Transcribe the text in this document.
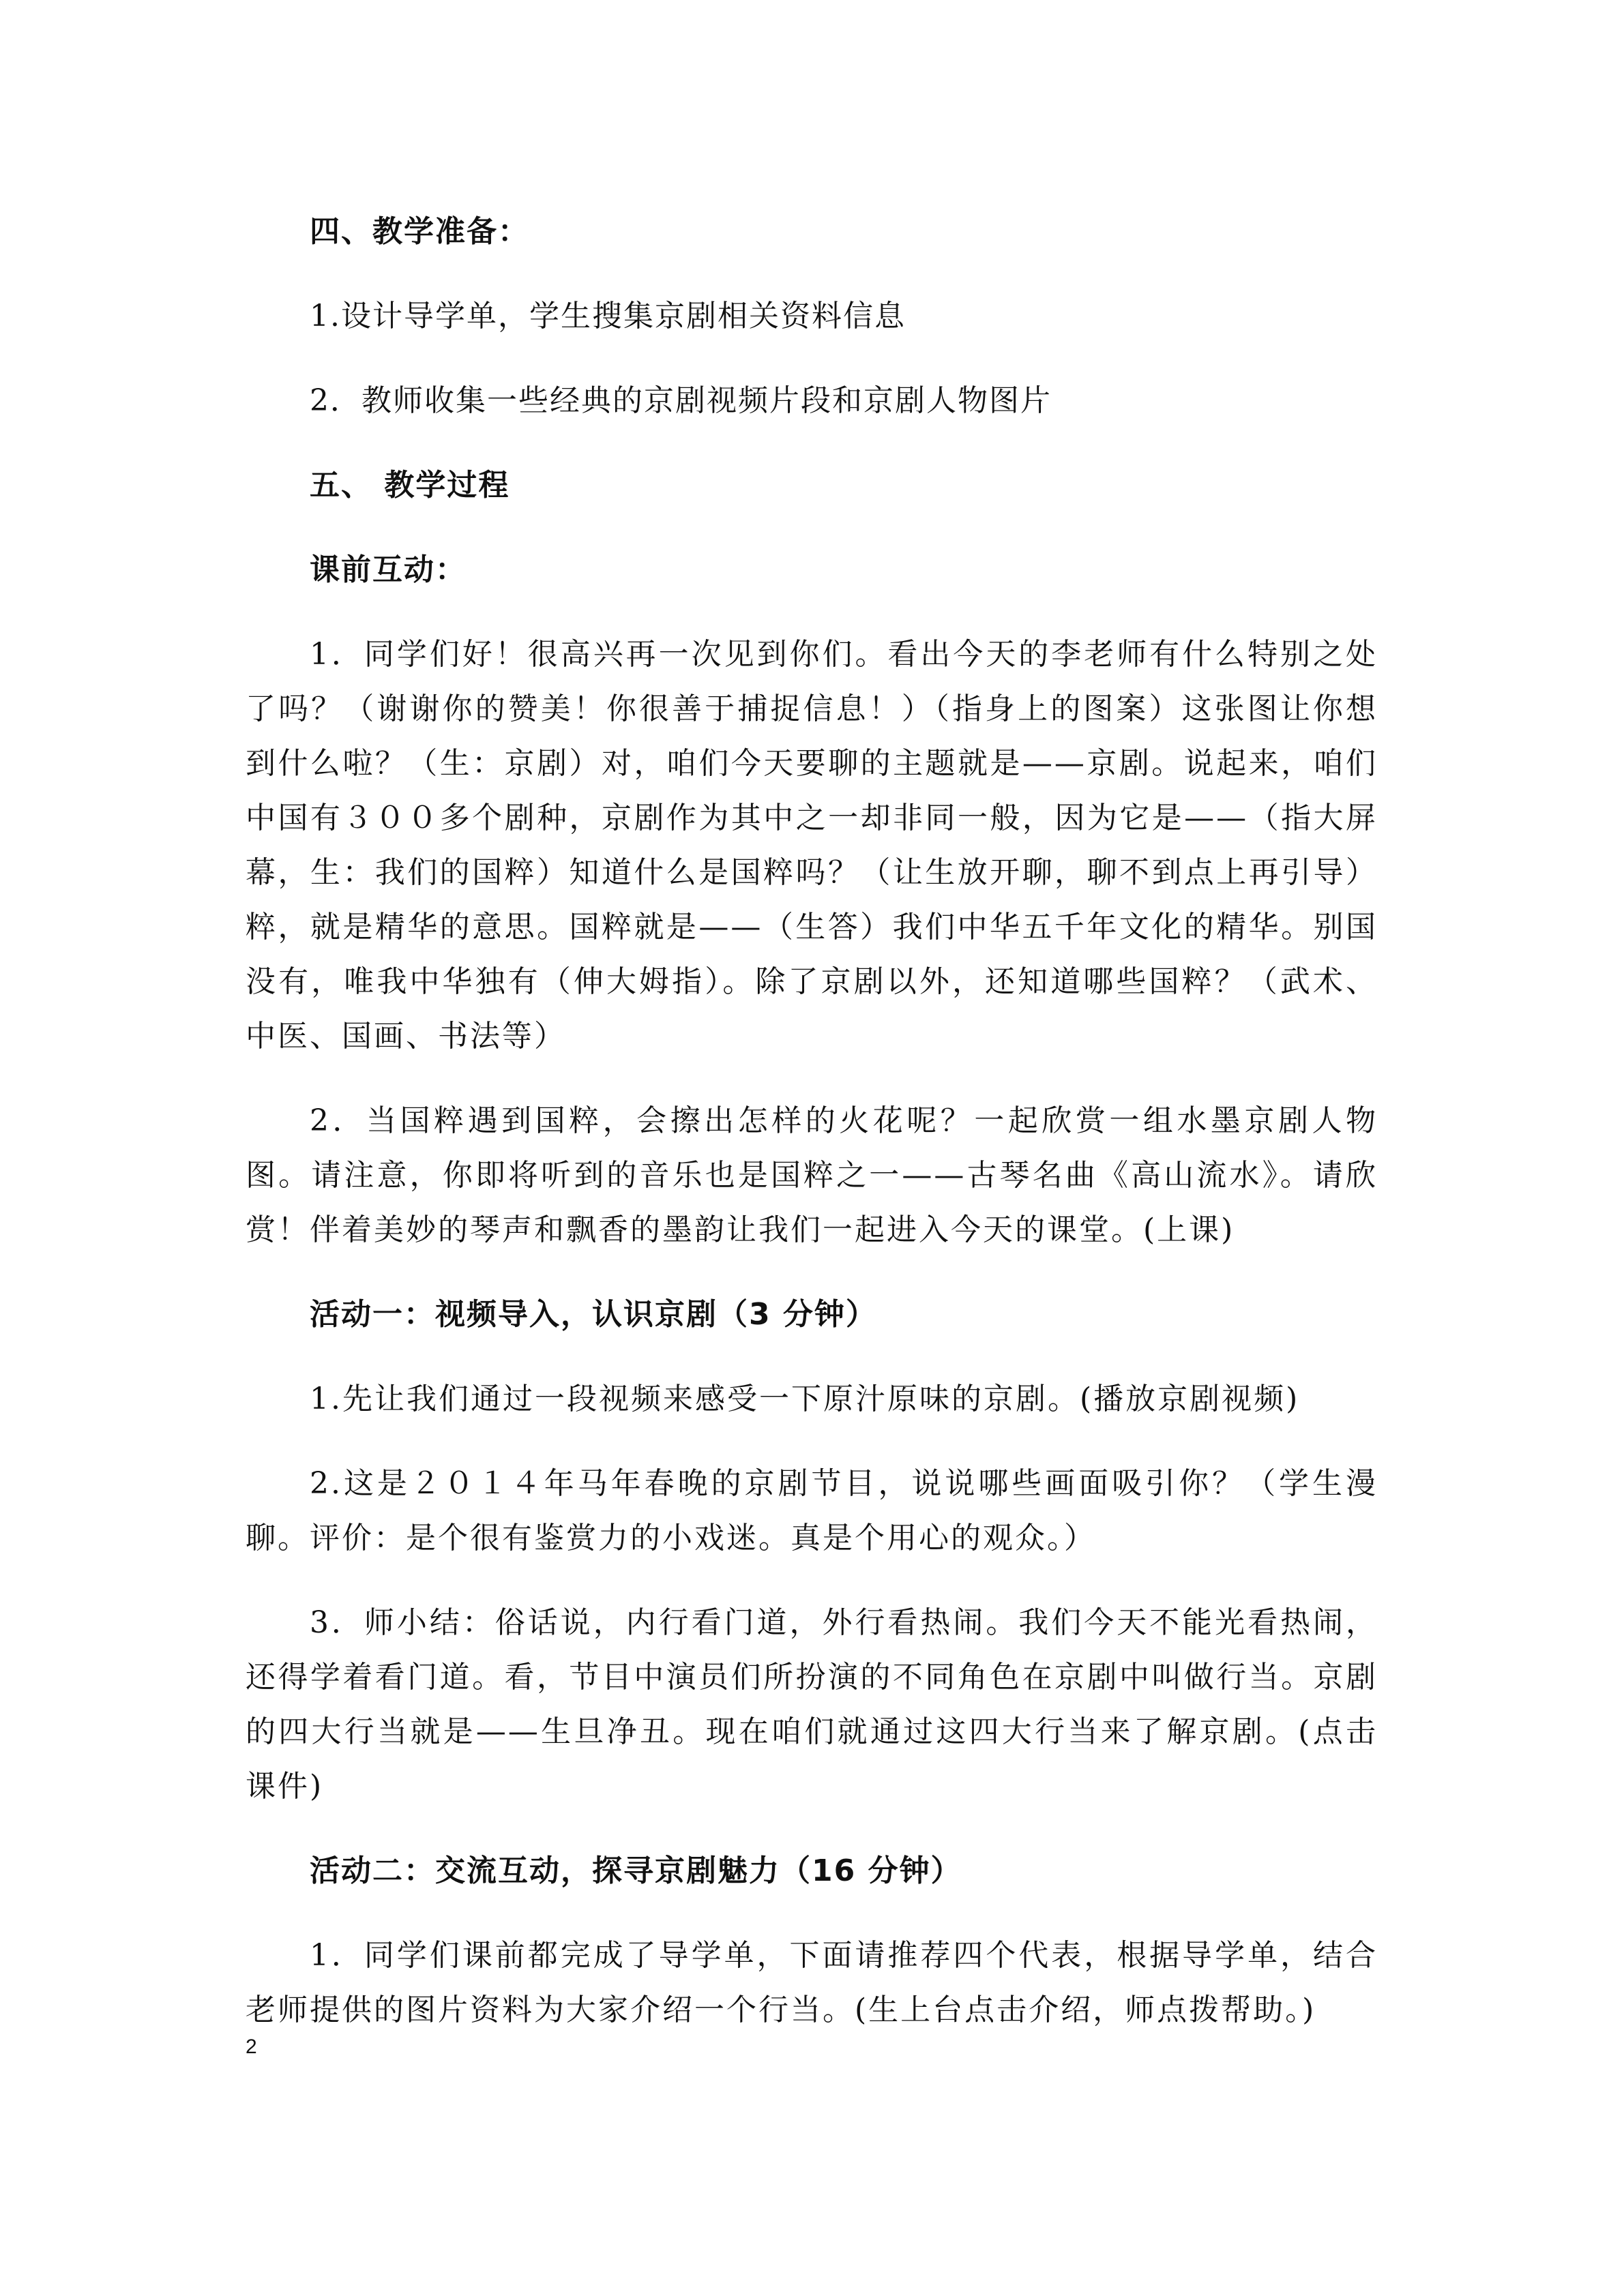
四、教学准备：
1.设计导学单，学生搜集京剧相关资料信息
2．教师收集一些经典的京剧视频片段和京剧人物图片
五、 教学过程
课前互动：

1．同学们好！很高兴再一次见到你们。看出今天的李老师有什么特别之处了吗？（谢谢你的赞美！你很善于捕捉信息！）（指身上的图案）这张图让你想到什么啦？（生：京剧）对，咱们今天要聊的主题就是——京剧。说起来，咱们中国有３００多个剧种，京剧作为其中之一却非同一般，因为它是——（指大屏幕，生：我们的国粹）知道什么是国粹吗？（让生放开聊，聊不到点上再引导）粹，就是精华的意思。国粹就是——（生答）我们中华五千年文化的精华。别国没有，唯我中华独有（伸大姆指）。除了京剧以外，还知道哪些国粹？（武术、中医、国画、书法等）

2．当国粹遇到国粹，会擦出怎样的火花呢？一起欣赏一组水墨京剧人物图。请注意，你即将听到的音乐也是国粹之一——古琴名曲《高山流水》。请欣赏！伴着美妙的琴声和飘香的墨韵让我们一起进入今天的课堂。(上课)

活动一：视频导入，认识京剧（3 分钟）

1.先让我们通过一段视频来感受一下原汁原味的京剧。(播放京剧视频)

2.这是２０１４年马年春晚的京剧节目，说说哪些画面吸引你？（学生漫聊。评价：是个很有鉴赏力的小戏迷。真是个用心的观众。）

3．师小结：俗话说，内行看门道，外行看热闹。我们今天不能光看热闹，还得学着看门道。看，节目中演员们所扮演的不同角色在京剧中叫做行当。京剧的四大行当就是——生旦净丑。现在咱们就通过这四大行当来了解京剧。(点击课件)

活动二：交流互动，探寻京剧魅力（16 分钟）

1．同学们课前都完成了导学单，下面请推荐四个代表，根据导学单，结合老师提供的图片资料为大家介绍一个行当。(生上台点击介绍，师点拨帮助。)

2
